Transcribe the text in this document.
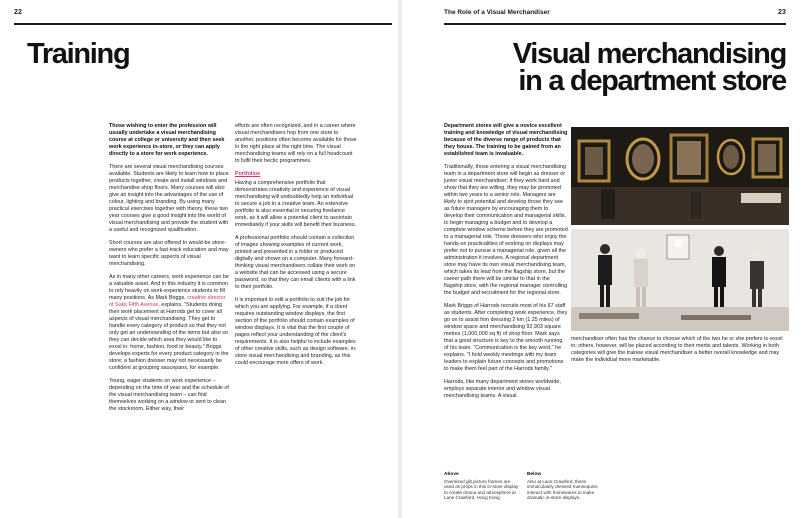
22
Training

Those wishing to enter the profession will usually undertake a visual merchandising course at college or university and then seek work experience in-store, or they can apply directly to a store for work experience.

There are several visual merchandising courses available. Students are likely to learn how to place products together, create and install windows and merchandise shop floors. Many courses will also give an insight into the advantages of the use of colour, lighting and branding. By using many practical exercises together with theory, these two year courses give a good insight into the world of visual merchandising and provide the student with a useful and recognized qualification.

Short courses are also offered to would-be store-owners who prefer a fast-track education and may want to learn specific aspects of visual merchandising.

As in many other careers, work experience can be a valuable asset. And in this industry it is common to rely heavily on work-experience students to fill many positions. As Mark Briggs, creative director of Saks Fifth Avenue, explains, "Students doing their work placement at Harrods get to cover all aspects of visual merchandising. They get to handle every category of product so that they not only get an understanding of the items but also so they can decide which area they would like to excel in: home, fashion, food or beauty." Briggs develops experts for every product category in the store; a fashion dresser may not necessarily be confident at grouping saucepans, for example.

Young, eager students on work experience – depending on the time of year and the schedule of the visual merchandising team – can find themselves working on a window or sent to clean the stockroom. Either way, their

efforts are often recognized, and in a career where visual merchandisers hop from one store to another, positions often become available for those in the right place at the right time. The visual merchandising teams will rely on a full headcount to fulfil their hectic programmes.

Portfolios

Having a comprehensive portfolio that demonstrates creativity and experience of visual merchandising will undoubtedly help an individual to secure a job in a creative team. An extensive portfolio is also essential in securing freelance work, as it will allow a potential client to ascertain immediately if your skills will benefit their business.

A professional portfolio should contain a collection of images showing examples of current work, printed and presented in a folder or produced digitally and shown on a computer. Many forward-thinking visual merchandisers collate their work on a website that can be accessed using a secure password, so that they can email clients with a link to their portfolio.

It is important to edit a portfolio to suit the job for which you are applying. For example, if a client requires outstanding window displays, the first section of the portfolio should contain examples of window displays. It is vital that the first couple of pages reflect your understanding of the client's requirements. It is also helpful to include examples of other creative skills, such as design software, in-store visual merchandising and branding, as this could encourage more offers of work.

The Role of a Visual Merchandiser	23
Visual merchandising
in a department store

Department stores will give a novice excellent training and knowledge of visual merchandising because of the diverse range of products that they house. The training to be gained from an established team is invaluable.

Traditionally, those entering a visual merchandising team in a department store will begin as dresser or junior visual merchandiser; if they work hard and show that they are willing, they may be promoted within two years to a senior role. Managers are likely to spot potential and develop those they see as future managers by encouraging them to develop their communication and managerial skills, to begin managing a budget and to develop a complete window scheme before they are promoted to a managerial role. Those dressers who enjoy the hands-on practicalities of working on displays may prefer not to pursue a managerial role, given all the administration it involves. A regional department store may have its own visual merchandising team, which takes its lead from the flagship store, but the career path there will be similar to that in the flagship store, with the regional manager controlling the budget and recruitment for the regional store.

Mark Briggs of Harrods recruits most of his 67 staff as students. After completing work experience, they go on to assist him dressing 2 km (1.25 miles) of window space and merchandising 92,903 square metres (1,000,000 sq ft) of shop floor. Mark says that a good structure is key to the smooth running of his team. "Communication is the key word," he explains. "I hold weekly meetings with my team leaders to explain future concepts and promotions to make them feel part of the Harrods family."

Harrods, like many department stores worldwide, employs separate interior and window visual merchandising teams. A visual

merchandiser often has the chance to choose which of the two he or she prefers to excel in; others, however, will be placed according to their merits and talents. Working in both categories will give the trainee visual merchandiser a better overall knowledge and may make the individual more marketable.

Above
Oversized gilt picture frames are used as props in this in-store display to create drama and atmosphere at Lane Crawford, Hong Kong.
Below
Also at Lane Crawford, these immaculately dressed mannequins interact with homewares to make dramatic in-store displays.
